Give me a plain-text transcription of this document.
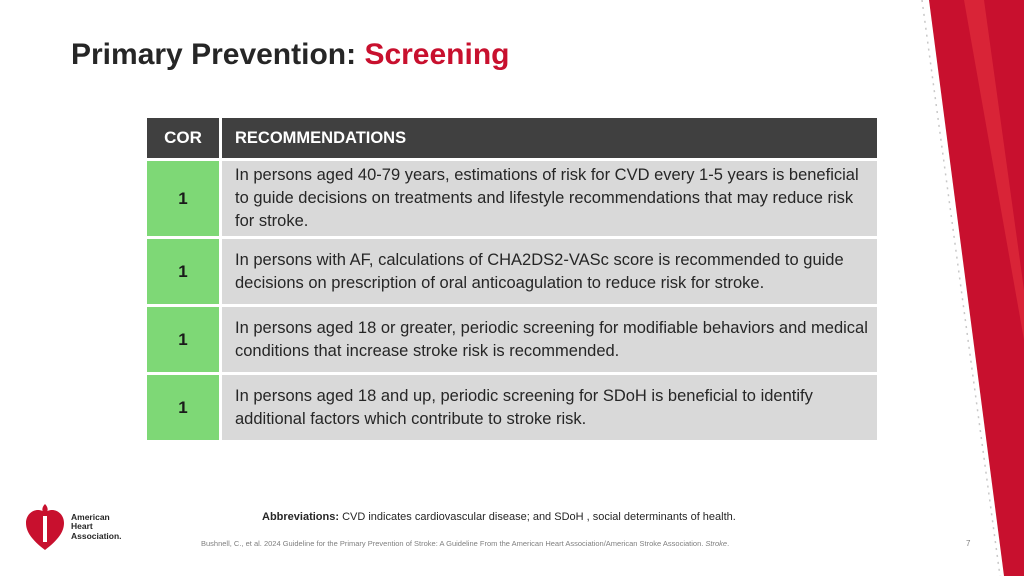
Primary Prevention: Screening
COR	RECOMMENDATIONS
1
In persons aged 40-79 years, estimations of risk for CVD every 1-5 years is beneficial to guide decisions on treatments and lifestyle recommendations that may reduce risk for stroke.
1
In persons with AF, calculations of CHA2DS2-VASc score is recommended to guide decisions on prescription of oral anticoagulation to reduce risk for stroke.
1
In persons aged 18 or greater, periodic screening for modifiable behaviors and medical conditions that increase stroke risk is recommended.
1
In persons aged 18 and up, periodic screening for SDoH is beneficial to identify additional factors which contribute to stroke risk.
Abbreviations: CVD indicates cardiovascular disease; and SDoH , social determinants of health.
Bushnell, C., et al. 2024 Guideline for the Primary Prevention of Stroke: A Guideline From the American Heart Association/American Stroke Association. Stroke.	7
American
Heart
Association.
